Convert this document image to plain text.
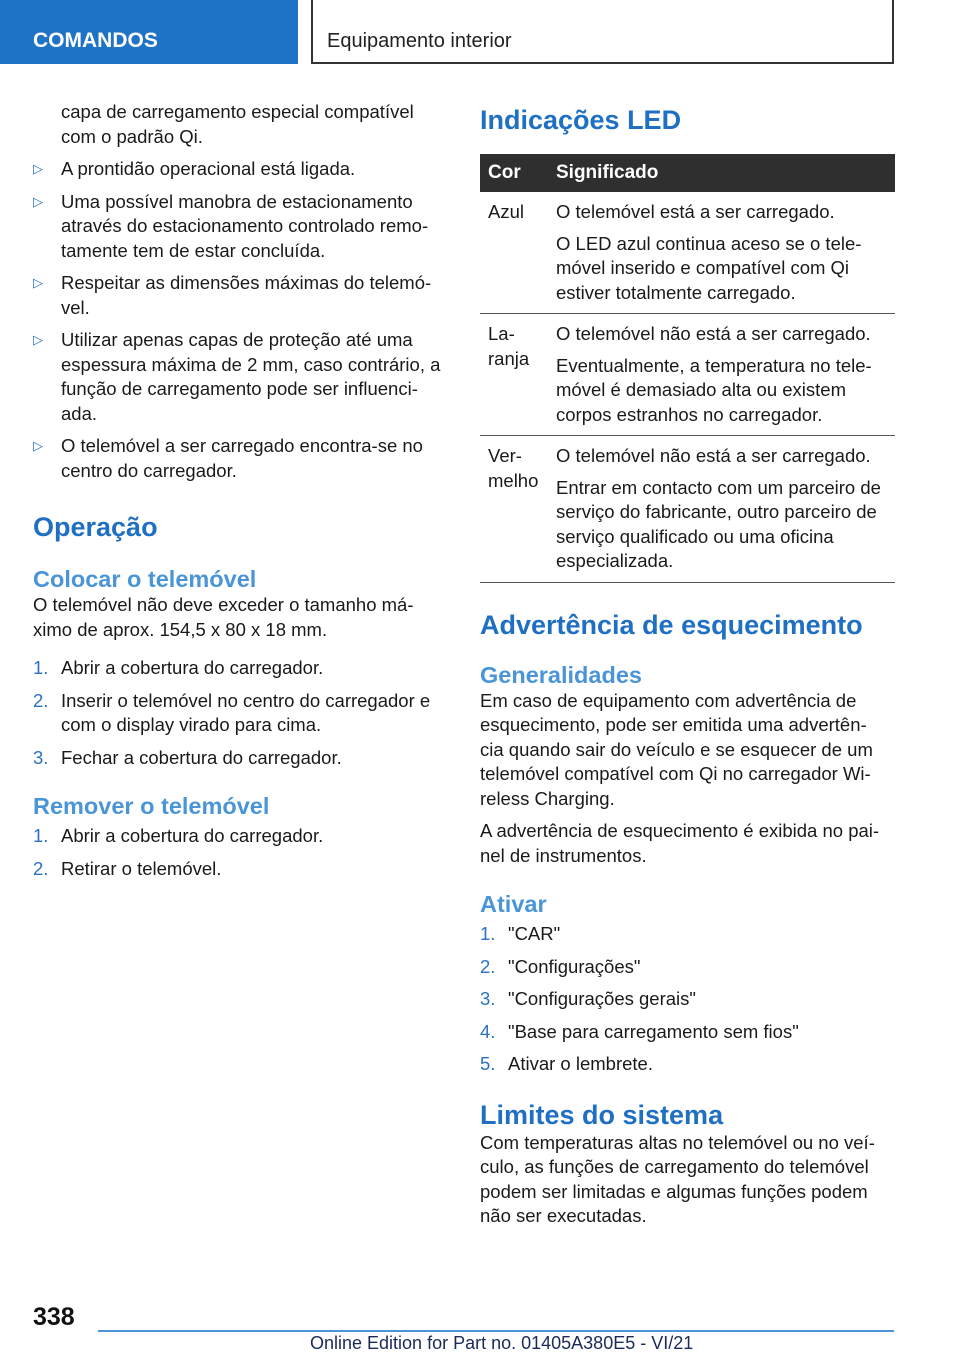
COMANDOS	Equipamento interior

capa de carregamento especial compatível com o padrão Qi.

▷ A prontidão operacional está ligada.
▷ Uma possível manobra de estacionamento através do estacionamento controlado remo‐ tamente tem de estar concluída.
▷ Respeitar as dimensões máximas do telemó‐ vel.
▷ Utilizar apenas capas de proteção até uma espessura máxima de 2 mm, caso contrário, a função de carregamento pode ser influenci‐ ada.
▷ O telemóvel a ser carregado encontra-se no centro do carregador.
Operação
Colocar o telemóvel

O telemóvel não deve exceder o tamanho má‐ ximo de aprox. 154,5 x 80 x 18 mm.

1. Abrir a cobertura do carregador.
2. Inserir o telemóvel no centro do carregador e com o display virado para cima.
3. Fechar a cobertura do carregador.
Remover o telemóvel
1. Abrir a cobertura do carregador.
2. Retirar o telemóvel.
Indicações LED
Cor	Significado
Azul	O telemóvel está a ser carregado.

O LED azul continua aceso se o tele‐ móvel inserido e compatível com Qi estiver totalmente carregado.

La‐ ranja	O telemóvel não está a ser carregado.

Eventualmente, a temperatura no tele‐ móvel é demasiado alta ou existem corpos estranhos no carregador.

Ver‐ melho	O telemóvel não está a ser carregado.

Entrar em contacto com um parceiro de serviço do fabricante, outro parceiro de serviço qualificado ou uma oficina especializada.

Advertência de esquecimento
Generalidades

Em caso de equipamento com advertência de esquecimento, pode ser emitida uma advertên‐ cia quando sair do veículo e se esquecer de um telemóvel compatível com Qi no carregador Wi‐ reless Charging.

A advertência de esquecimento é exibida no pai‐ nel de instrumentos.

Ativar
1. "CAR"
2. "Configurações"
3. "Configurações gerais"
4. "Base para carregamento sem fios"
5. Ativar o lembrete.
Limites do sistema

Com temperaturas altas no telemóvel ou no veí‐ culo, as funções de carregamento do telemóvel podem ser limitadas e algumas funções podem não ser executadas.

338
Online Edition for Part no. 01405A380E5 - VI/21
